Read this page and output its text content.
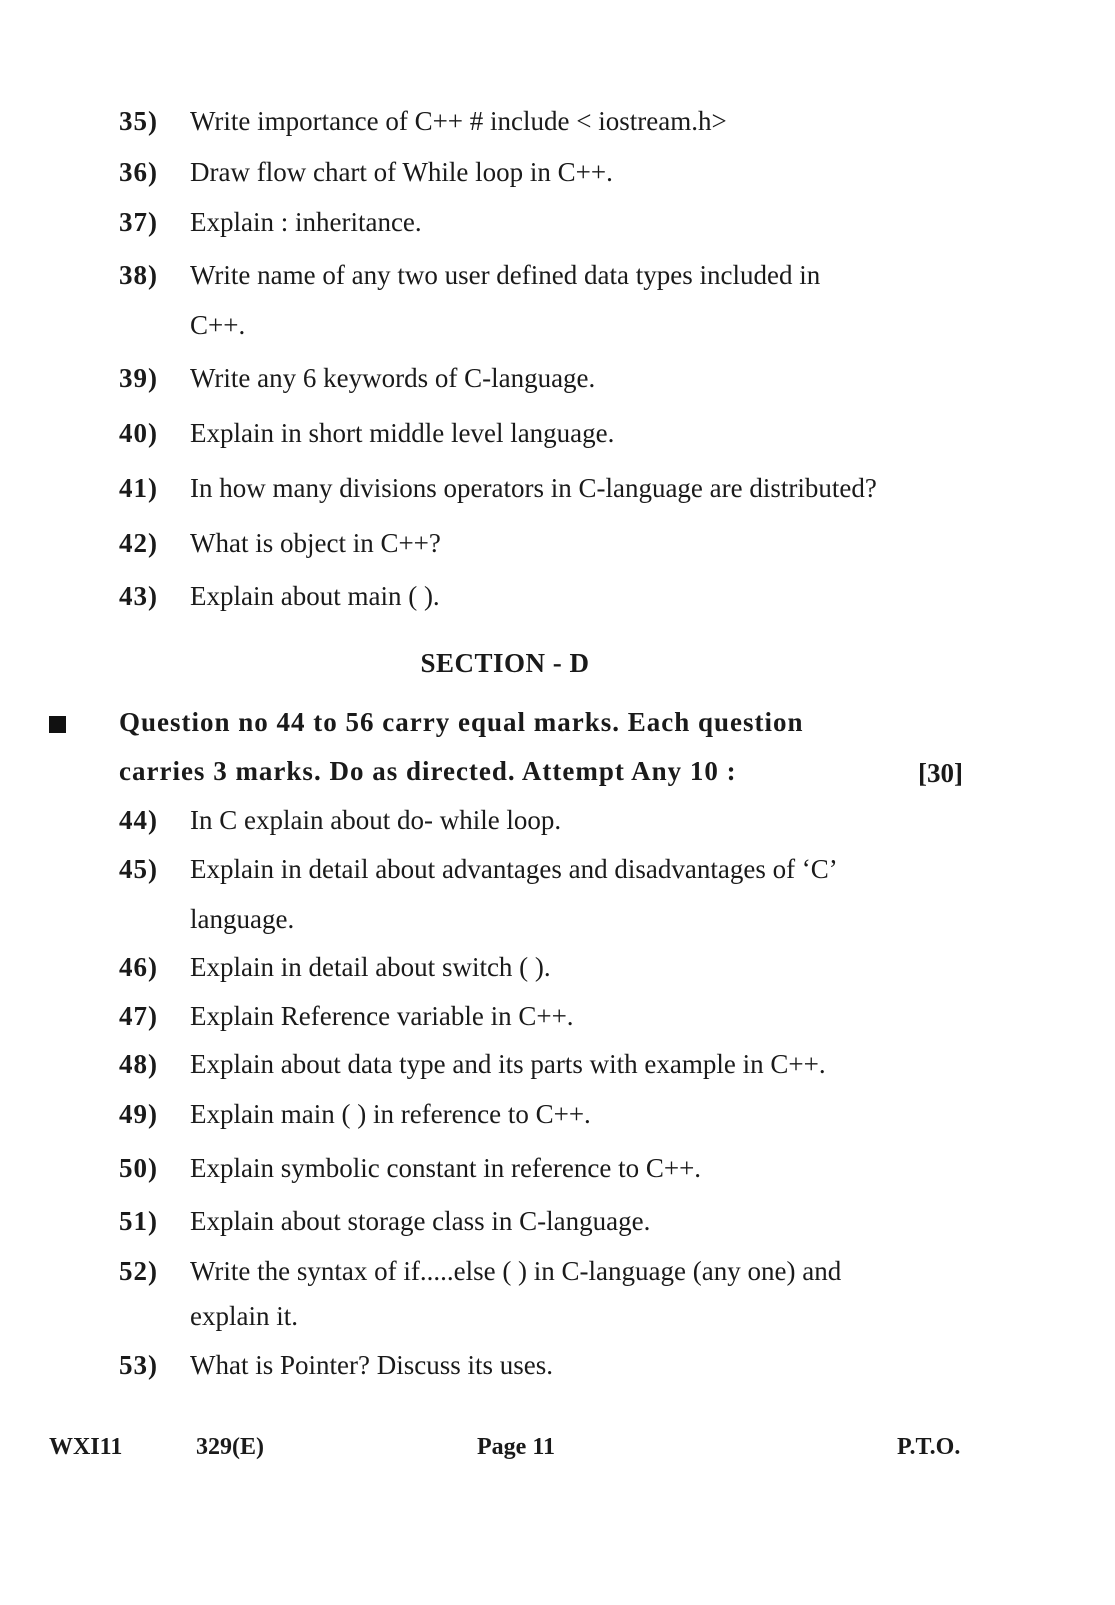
35)	Write importance of C++ # include < iostream.h>
36)	Draw flow chart of While loop in C++.
37)	Explain : inheritance.
38)	Write name of any two user defined data types included in
C++.
39)	Write any 6 keywords of C-language.
40)	Explain in short middle level language.
41)	In how many divisions operators in C-language are distributed?
42)	What is object in C++?
43)	Explain about main ( ).
SECTION - D
Question no 44 to 56 carry equal marks. Each question
carries 3 marks. Do as directed. Attempt Any 10 :	[30]
44)	In C explain about do- while loop.
45)	Explain in detail about advantages and disadvantages of ‘C’
language.
46)	Explain in detail about switch ( ).
47)	Explain Reference variable in C++.
48)	Explain about data type and its parts with example in C++.
49)	Explain main ( ) in reference to C++.
50)	Explain symbolic constant in reference to C++.
51)	Explain about storage class in C-language.
52)	Write the syntax of if.....else ( ) in C-language (any one) and
explain it.
53)	What is Pointer? Discuss its uses.
WXI11	329(E)	Page 11	P.T.O.
